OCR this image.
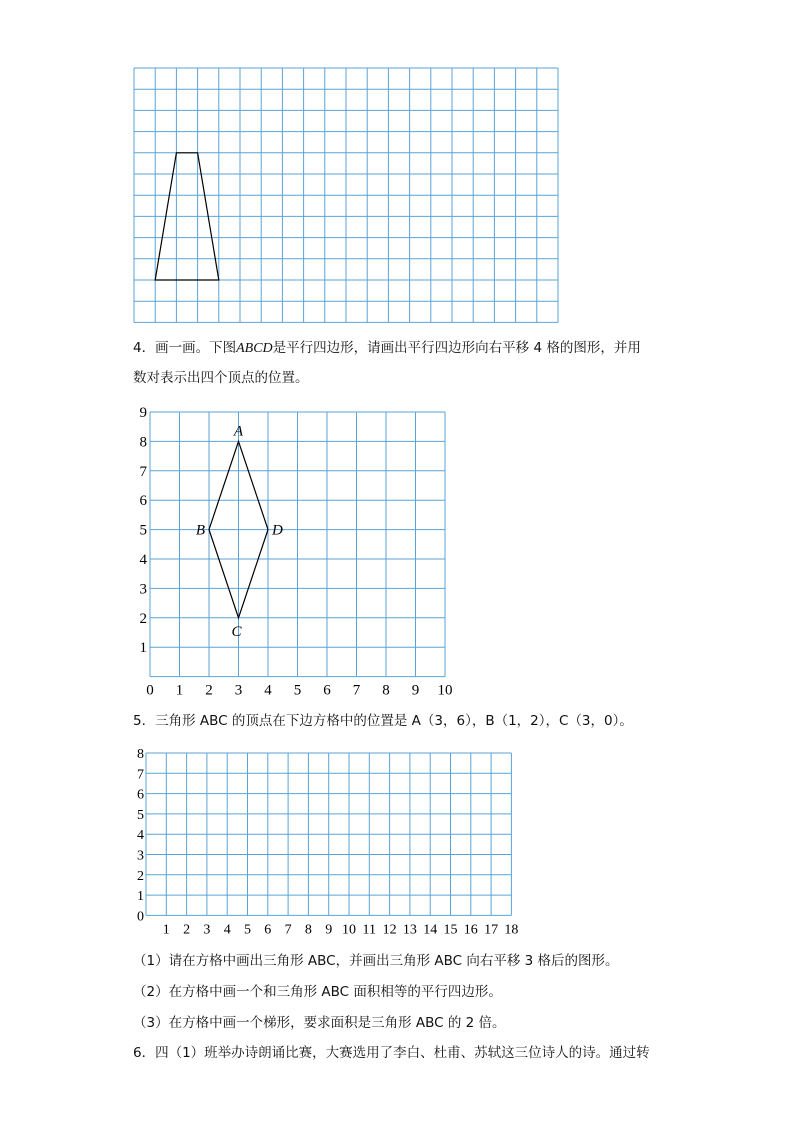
4．画一画。下图ABCD是平行四边形，请画出平行四边形向右平移 4 格的图形，并用
数对表示出四个顶点的位置。
0 1 2 3 4 5 6 7 8 9 10
1
2
3
4
5
6
7
8
9
A
D
C
B
5．三角形 ABC 的顶点在下边方格中的位置是 A（3，6），B（1，2），C（3，0）。
1 2 3 4 5 6 7 8 9 10 11 12 13 14 15 16 17 18
0
1
2
3
4
5
6
7
8
（1）请在方格中画出三角形 ABC，并画出三角形 ABC 向右平移 3 格后的图形。
（2）在方格中画一个和三角形 ABC 面积相等的平行四边形。
（3）在方格中画一个梯形，要求面积是三角形 ABC 的 2 倍。
6．四（1）班举办诗朗诵比赛，大赛选用了李白、杜甫、苏轼这三位诗人的诗。通过转
